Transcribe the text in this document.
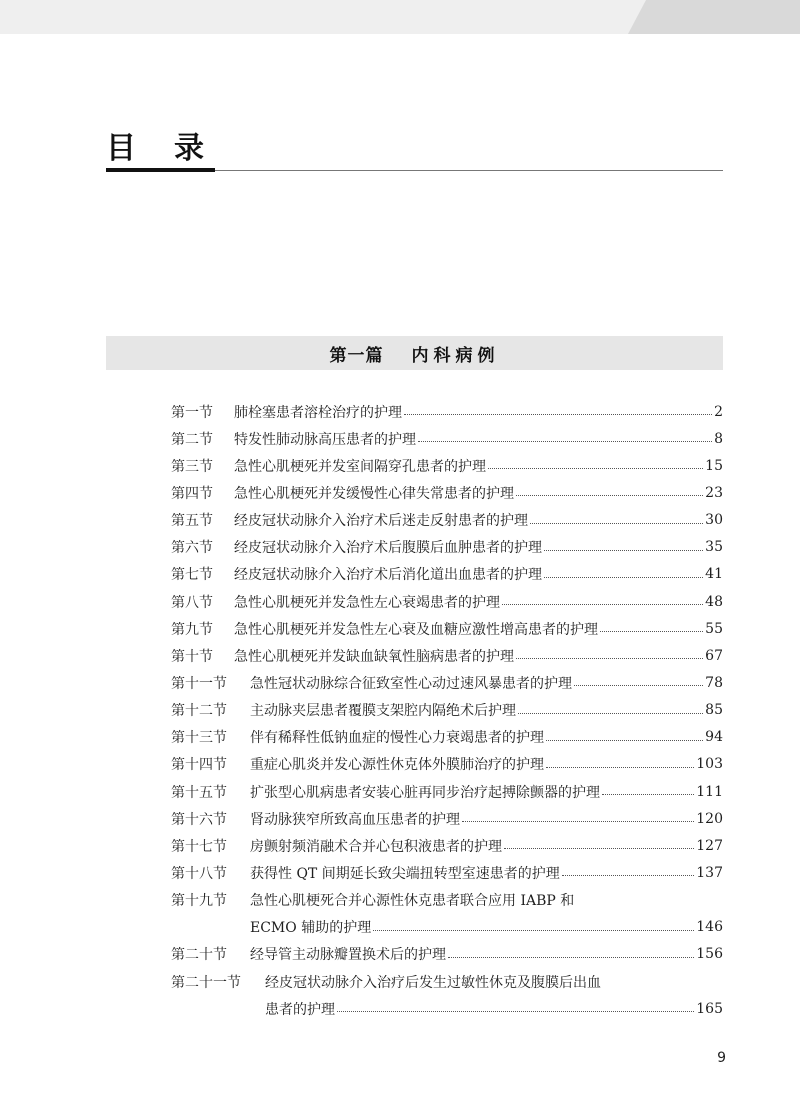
目录
第一篇 内科病例
第一节	肺栓塞患者溶栓治疗的护理	2
第二节	特发性肺动脉高压患者的护理	8
第三节	急性心肌梗死并发室间隔穿孔患者的护理	15
第四节	急性心肌梗死并发缓慢性心律失常患者的护理	23
第五节	经皮冠状动脉介入治疗术后迷走反射患者的护理	30
第六节	经皮冠状动脉介入治疗术后腹膜后血肿患者的护理	35
第七节	经皮冠状动脉介入治疗术后消化道出血患者的护理	41
第八节	急性心肌梗死并发急性左心衰竭患者的护理	48
第九节	急性心肌梗死并发急性左心衰及血糖应激性增高患者的护理	55
第十节	急性心肌梗死并发缺血缺氧性脑病患者的护理	67
第十一节	急性冠状动脉综合征致室性心动过速风暴患者的护理	78
第十二节	主动脉夹层患者覆膜支架腔内隔绝术后护理	85
第十三节	伴有稀释性低钠血症的慢性心力衰竭患者的护理	94
第十四节	重症心肌炎并发心源性休克体外膜肺治疗的护理	103
第十五节	扩张型心肌病患者安装心脏再同步治疗起搏除颤器的护理	111
第十六节	肾动脉狭窄所致高血压患者的护理	120
第十七节	房颤射频消融术合并心包积液患者的护理	127
第十八节	获得性 QT 间期延长致尖端扭转型室速患者的护理	137
第十九节	急性心肌梗死合并心源性休克患者联合应用 IABP 和
ECMO 辅助的护理	146
第二十节	经导管主动脉瓣置换术后的护理	156
第二十一节	经皮冠状动脉介入治疗后发生过敏性休克及腹膜后出血
患者的护理	165
9
